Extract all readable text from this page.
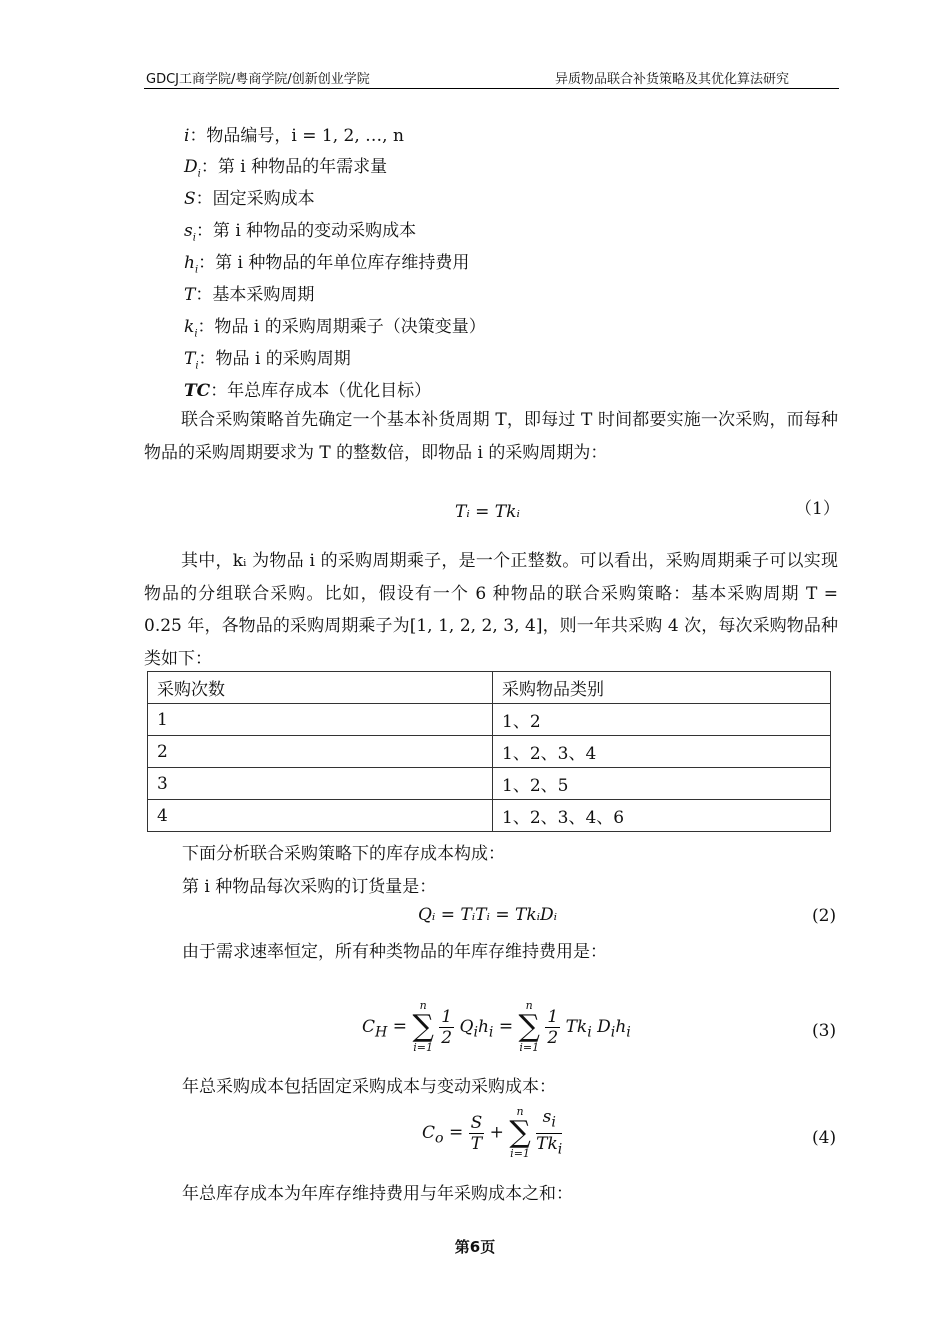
GDCJ工商学院/粤商学院/创新创业学院	异质物品联合补货策略及其优化算法研究
i：物品编号，i = 1, 2, …, n
$D_i$：第 i 种物品的年需求量
S：固定采购成本
$s_i$：第 i 种物品的变动采购成本
$h_i$：第 i 种物品的年单位库存维持费用
T：基本采购周期
$k_i$：物品 i 的采购周期乘子（决策变量）
$T_i$：物品 i 的采购周期
TC：年总库存成本（优化目标）
联合采购策略首先确定一个基本补货周期 T，即每过 T 时间都要实施一次采购，而每种物品的采购周期要求为 T 的整数倍，即物品 i 的采购周期为：
Tᵢ = Tkᵢ	（1）
其中，kᵢ 为物品 i 的采购周期乘子，是一个正整数。可以看出，采购周期乘子可以实现物品的分组联合采购。比如，假设有一个 6 种物品的联合采购策略：基本采购周期 T = 0.25 年，各物品的采购周期乘子为[1, 1, 2, 2, 3, 4]，则一年共采购 4 次，每次采购物品种类如下：
采购次数	采购物品类别
1	1、2
2	1、2、3、4
3	1、2、5
4	1、2、3、4、6
下面分析联合采购策略下的库存成本构成：
第 i 种物品每次采购的订货量是：
Qᵢ = TᵢTᵢ = TkᵢDᵢ	(2)
由于需求速率恒定，所有种类物品的年库存维持费用是：
$C_H$ =
n
∑
i=1
$\frac{1}{2} Q_ih_i$ =
n
∑
i=1
$\frac{1}{2} Tk_i$ $D_ih_i$	(3)
年总采购成本包括固定采购成本与变动采购成本：
$C_o = \frac{S}{T}$ +
n
∑
i=1
$\frac{s_i}{Tk_i}$	(4)
年总库存成本为年库存维持费用与年采购成本之和：
第6页
